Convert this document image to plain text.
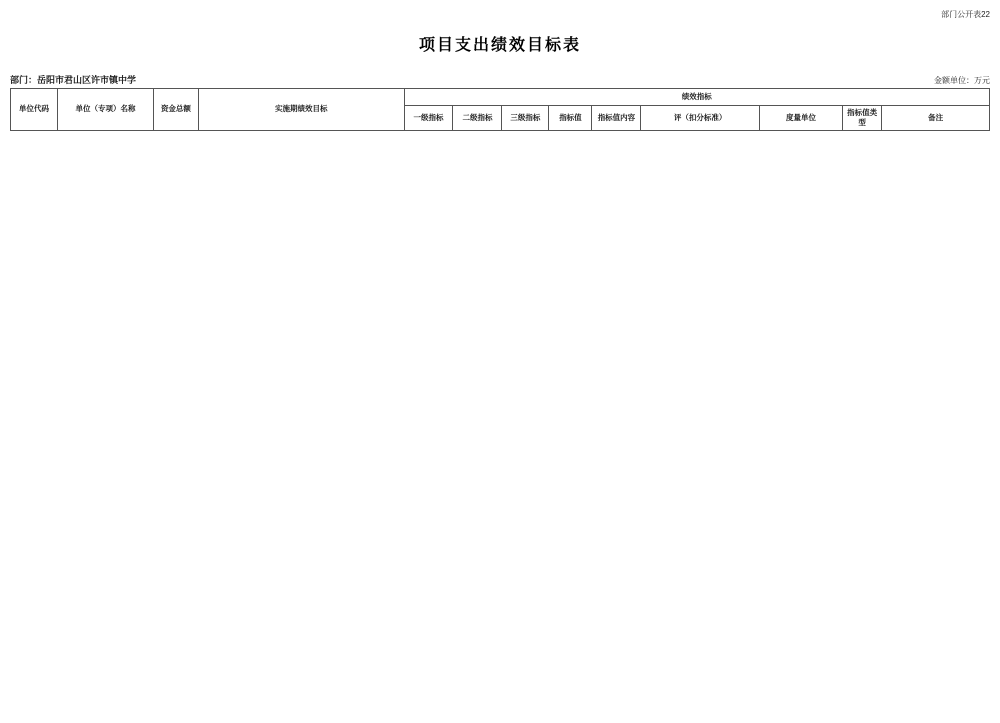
部门公开表22
项目支出绩效目标表
部门：岳阳市君山区许市镇中学	金额单位：万元
单位代码	单位（专项）名称	资金总额	实施期绩效目标	绩效指标								
				一级指标	二级指标	三级指标	指标值	指标值内容	评（扣分标准）	度量单位	指标值类型	备注
